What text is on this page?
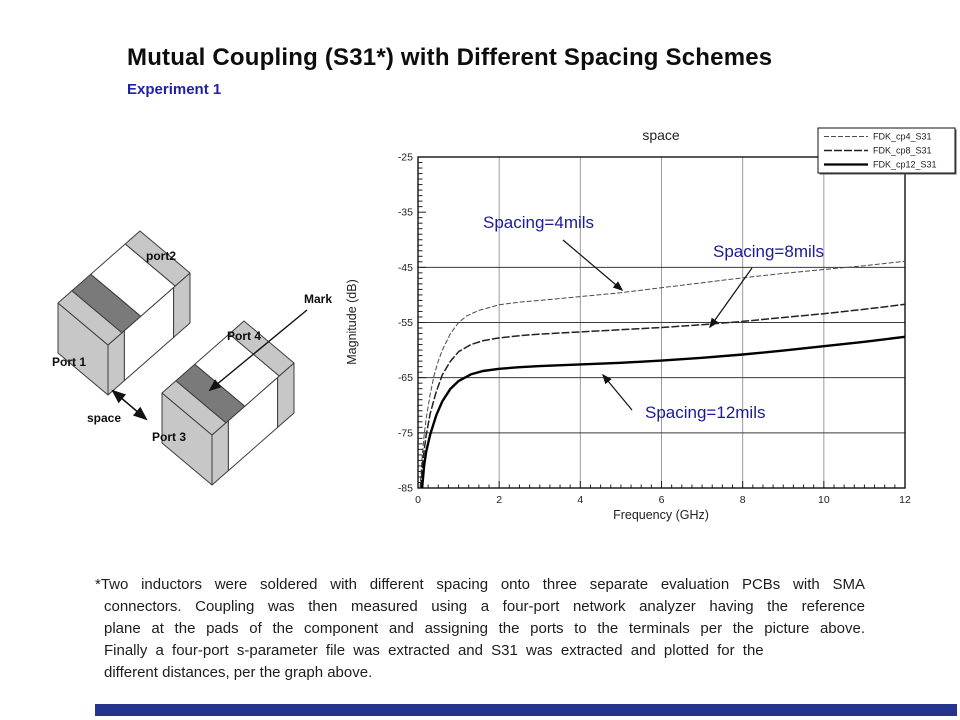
Mutual Coupling (S31*) with Different Spacing Schemes
Experiment 1
port2
Port 1
Port 4
Port 3
Mark
space
space
Magnitude (dB)
Frequency (GHz)
0	2	4	6	8	10	12
-25
-35
-45
-55
-65
-75
-85
FDK_cp4_S31
FDK_cp8_S31
FDK_cp12_S31
Spacing=4mils
Spacing=8mils
Spacing=12mils
*Two inductors were soldered with different spacing onto three separate evaluation PCBs with SMA
connectors. Coupling was then measured using a four-port network analyzer having the reference
plane at the pads of the component and assigning the ports to the terminals per the picture above.
Finally a four-port s-parameter file was extracted and S31 was extracted and plotted for the
different distances, per the graph above.
